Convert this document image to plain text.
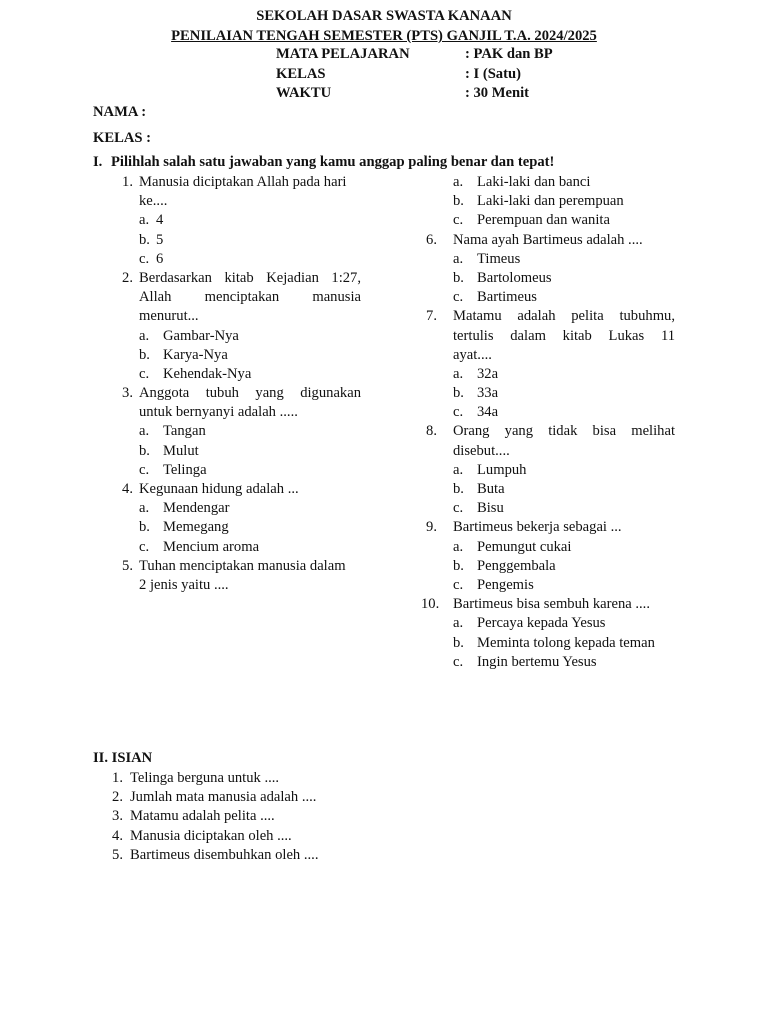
SEKOLAH DASAR SWASTA KANAAN
PENILAIAN TENGAH SEMESTER (PTS) GANJIL T.A. 2024/2025
MATA PELAJARAN	: PAK dan BP
KELAS	: I (Satu)
WAKTU	: 30 Menit
NAMA :
KELAS :
I. Pilihlah salah satu jawaban yang kamu anggap paling benar dan tepat!
1. Manusia diciptakan Allah pada hari
ke....
a. 4
b. 5
c. 6
2. Berdasarkan kitab Kejadian 1:27,
Allah menciptakan manusia
menurut...
a. Gambar-Nya
b. Karya-Nya
c. Kehendak-Nya
3. Anggota tubuh yang digunakan
untuk bernyanyi adalah .....
a. Tangan
b. Mulut
c. Telinga
4. Kegunaan hidung adalah ...
a. Mendengar
b. Memegang
c. Mencium aroma
5. Tuhan menciptakan manusia dalam
2 jenis yaitu ....
a. Laki-laki dan banci
b. Laki-laki dan perempuan
c. Perempuan dan wanita
6. Nama ayah Bartimeus adalah ....
a. Timeus
b. Bartolomeus
c. Bartimeus
7. Matamu adalah pelita tubuhmu,
tertulis dalam kitab Lukas 11
ayat....
a. 32a
b. 33a
c. 34a
8. Orang yang tidak bisa melihat
disebut....
a. Lumpuh
b. Buta
c. Bisu
9. Bartimeus bekerja sebagai ...
a. Pemungut cukai
b. Penggembala
c. Pengemis
10. Bartimeus bisa sembuh karena ....
a. Percaya kepada Yesus
b. Meminta tolong kepada teman
c. Ingin bertemu Yesus
II. ISIAN
1. Telinga berguna untuk ....
2. Jumlah mata manusia adalah ....
3. Matamu adalah pelita ....
4. Manusia diciptakan oleh ....
5. Bartimeus disembuhkan oleh ....
